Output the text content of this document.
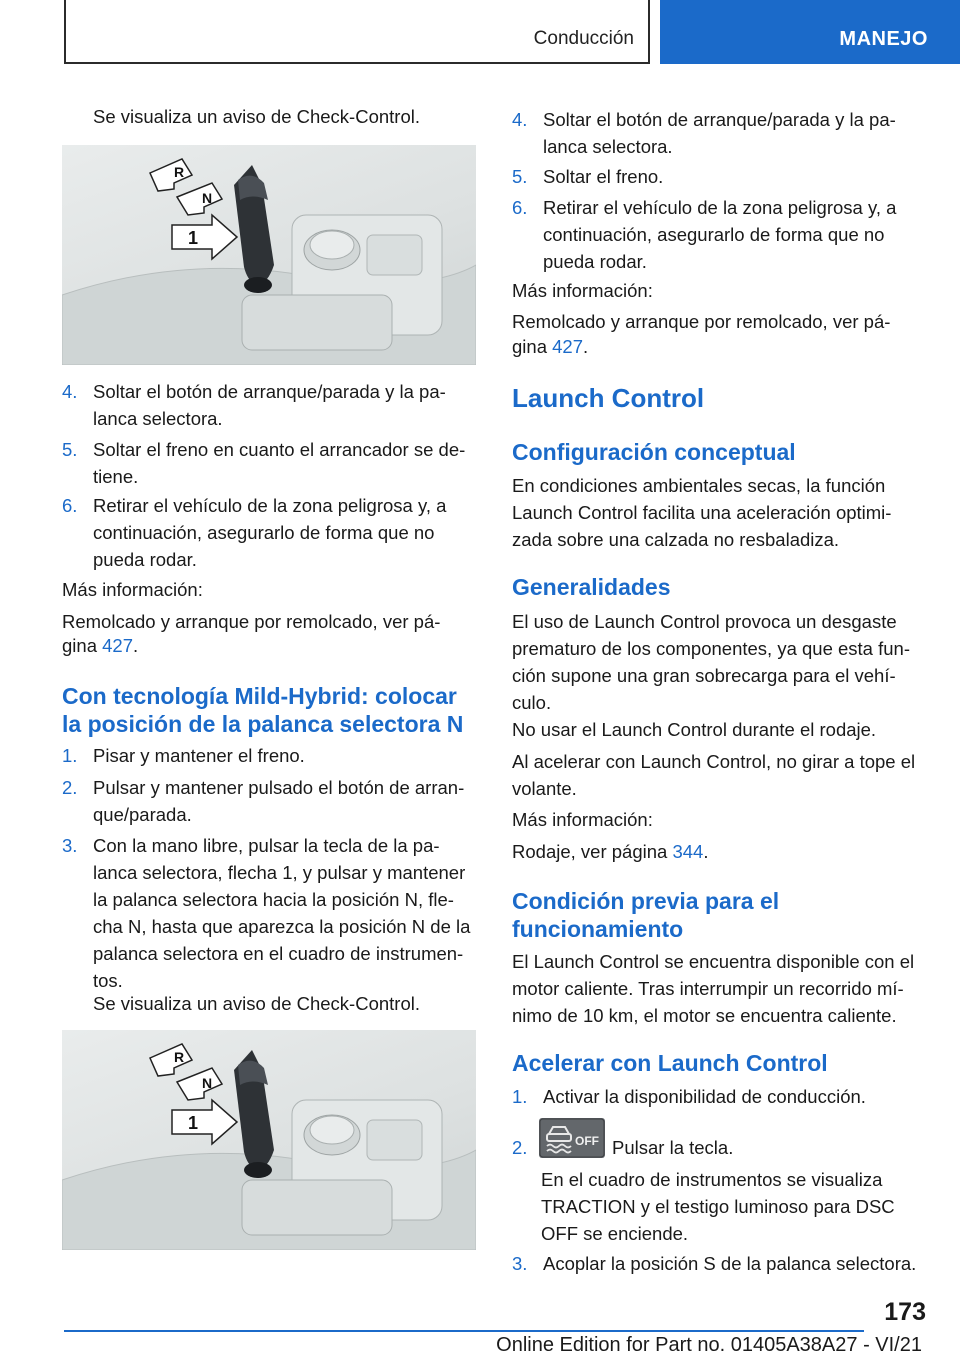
Conducción	MANEJO

Se visualiza un aviso de Check-Control.

R
N
1
4. Soltar el botón de arranque/parada y la pa-
lanca selectora.
5. Soltar el freno en cuanto el arrancador se de-
tiene.
6. Retirar el vehículo de la zona peligrosa y, a
continuación, asegurarlo de forma que no
pueda rodar.

Más información:

Remolcado y arranque por remolcado, ver pá-

gina 427.

Con tecnología Mild-Hybrid: colocar
la posición de la palanca selectora N
1. Pisar y mantener el freno.
2. Pulsar y mantener pulsado el botón de arran-
que/parada.
3. Con la mano libre, pulsar la tecla de la pa-
lanca selectora, flecha 1, y pulsar y mantener
la palanca selectora hacia la posición N, fle-
cha N, hasta que aparezca la posición N de la
palanca selectora en el cuadro de instrumen-
tos.

Se visualiza un aviso de Check-Control.

R
N
1
4. Soltar el botón de arranque/parada y la pa-
lanca selectora.
5. Soltar el freno.
6. Retirar el vehículo de la zona peligrosa y, a
continuación, asegurarlo de forma que no
pueda rodar.

Más información:

Remolcado y arranque por remolcado, ver pá-

gina 427.

Launch Control
Configuración conceptual
En condiciones ambientales secas, la función
Launch Control facilita una aceleración optimi-
zada sobre una calzada no resbaladiza.
Generalidades
El uso de Launch Control provoca un desgaste
prematuro de los componentes, ya que esta fun-
ción supone una gran sobrecarga para el vehí-
culo.

No usar el Launch Control durante el rodaje.

Al acelerar con Launch Control, no girar a tope el
volante.

Más información:

Rodaje, ver página 344.

Condición previa para el
funcionamiento
El Launch Control se encuentra disponible con el
motor caliente. Tras interrumpir un recorrido mí-
nimo de 10 km, el motor se encuentra caliente.
Acelerar con Launch Control
1. Activar la disponibilidad de conducción.
2.	Pulsar la tecla.
OFF
En el cuadro de instrumentos se visualiza
TRACTION y el testigo luminoso para DSC
OFF se enciende.
3. Acoplar la posición S de la palanca selectora.
173
Online Edition for Part no. 01405A38A27 - VI/21
